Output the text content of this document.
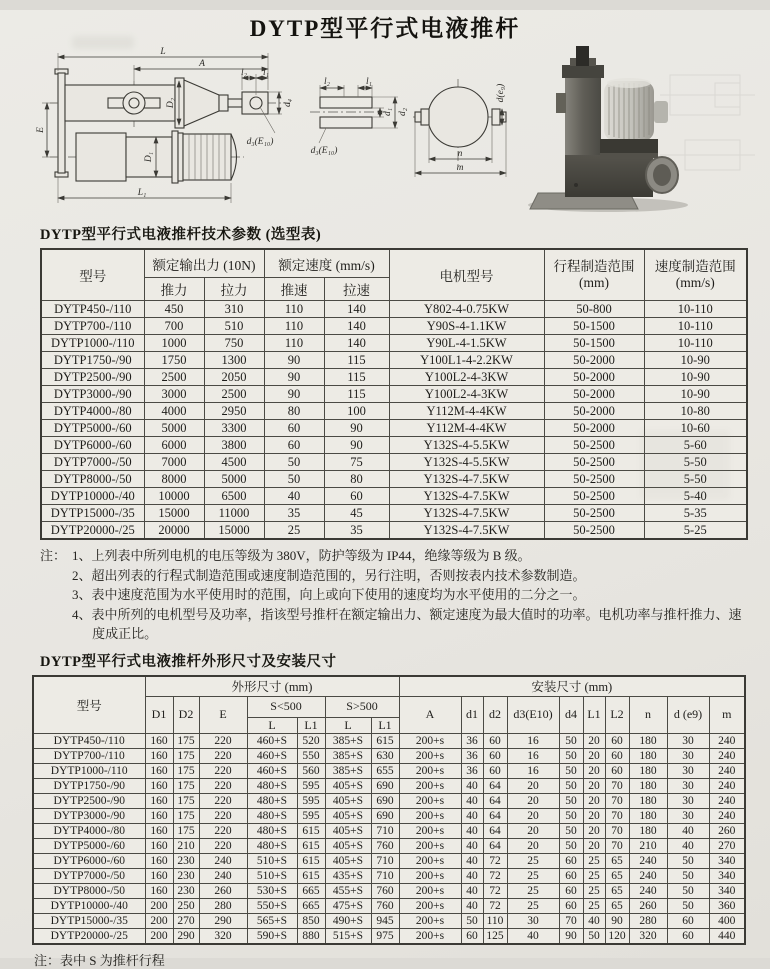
DYTP型平行式电液推杆
L
A
l₂ l₁
d₄
D₂
d₃(E₁₀)
E
D₁
L₁
l₂	l₁
d₁ d₂
d₃(E₁₀)	n
m
d(e₉)
DYTP型平行式电液推杆技术参数 (选型表)
型号	额定输出力 (10N)		额定速度 (mm/s)		电机型号	行程制造范围
(mm)	速度制造范围
(mm/s)

	推力	拉力	推速	拉速			
DYTP450-/110	450	310	110	140	Y802-4-0.75KW	50-800	10-110
DYTP700-/110	700	510	110	140	Y90S-4-1.1KW	50-1500	10-110
DYTP1000-/110	1000	750	110	140	Y90L-4-1.5KW	50-1500	10-110
DYTP1750-/90	1750	1300	90	115	Y100L1-4-2.2KW	50-2000	10-90
DYTP2500-/90	2500	2050	90	115	Y100L2-4-3KW	50-2000	10-90
DYTP3000-/90	3000	2500	90	115	Y100L2-4-3KW	50-2000	10-90
DYTP4000-/80	4000	2950	80	100	Y112M-4-4KW	50-2000	10-80
DYTP5000-/60	5000	3300	60	90	Y112M-4-4KW	50-2000	10-60
DYTP6000-/60	6000	3800	60	90	Y132S-4-5.5KW	50-2500	5-60
DYTP7000-/50	7000	4500	50	75	Y132S-4-5.5KW	50-2500	5-50
DYTP8000-/50	8000	5000	50	80	Y132S-4-7.5KW	50-2500	5-50
DYTP10000-/40	10000	6500	40	60	Y132S-4-7.5KW	50-2500	5-40
DYTP15000-/35	15000	11000	35	45	Y132S-4-7.5KW	50-2500	5-35
DYTP20000-/25	20000	15000	25	35	Y132S-4-7.5KW	50-2500	5-25
注： 1、上列表中所列电机的电压等级为 380V，防护等级为 IP44，绝缘等级为 B 级。
2、超出列表的行程式制造范围或速度制造范围的，另行注明，否则按表内技术参数制造。
3、表中速度范围为水平使用时的范围，向上或向下使用的速度均为水平使用的二分之一。
4、表中所列的电机型号及功率，指该型号推杆在额定输出力、额定速度为最大值时的功率。电机功率与推杆推力、速度成正比。
DYTP型平行式电液推杆外形尺寸及安装尺寸
型号	外形尺寸 (mm)							安装尺寸 (mm)									
	D1	D2	E	S<500		S>500		A	d1	d2	d3(E10)	d4	L1	L2	n	d (e9)	m
				L	L1	L	L1										
DYTP450-/110	160	175	220	460+S	520	385+S	615	200+s	36	60	16	50	20	60	180	30	240
DYTP700-/110	160	175	220	460+S	550	385+S	630	200+s	36	60	16	50	20	60	180	30	240
DYTP1000-/110	160	175	220	460+S	560	385+S	655	200+s	36	60	16	50	20	60	180	30	240
DYTP1750-/90	160	175	220	480+S	595	405+S	690	200+s	40	64	20	50	20	70	180	30	240
DYTP2500-/90	160	175	220	480+S	595	405+S	690	200+s	40	64	20	50	20	70	180	30	240
DYTP3000-/90	160	175	220	480+S	595	405+S	690	200+s	40	64	20	50	20	70	180	30	240
DYTP4000-/80	160	175	220	480+S	615	405+S	710	200+s	40	64	20	50	20	70	180	40	260
DYTP5000-/60	160	210	220	480+S	615	405+S	760	200+s	40	64	20	50	20	70	210	40	270
DYTP6000-/60	160	230	240	510+S	615	405+S	710	200+s	40	72	25	60	25	65	240	50	340
DYTP7000-/50	160	230	240	510+S	615	435+S	710	200+s	40	72	25	60	25	65	240	50	340
DYTP8000-/50	160	230	260	530+S	665	455+S	760	200+s	40	72	25	60	25	65	240	50	340
DYTP10000-/40	200	250	280	550+S	665	475+S	760	200+s	40	72	25	60	25	65	260	50	360
DYTP15000-/35	200	270	290	565+S	850	490+S	945	200+s	50	110	30	70	40	90	280	60	400
DYTP20000-/25	200	290	320	590+S	880	515+S	975	200+s	60	125	40	90	50	120	320	60	440
注：表中 S 为推杆行程
